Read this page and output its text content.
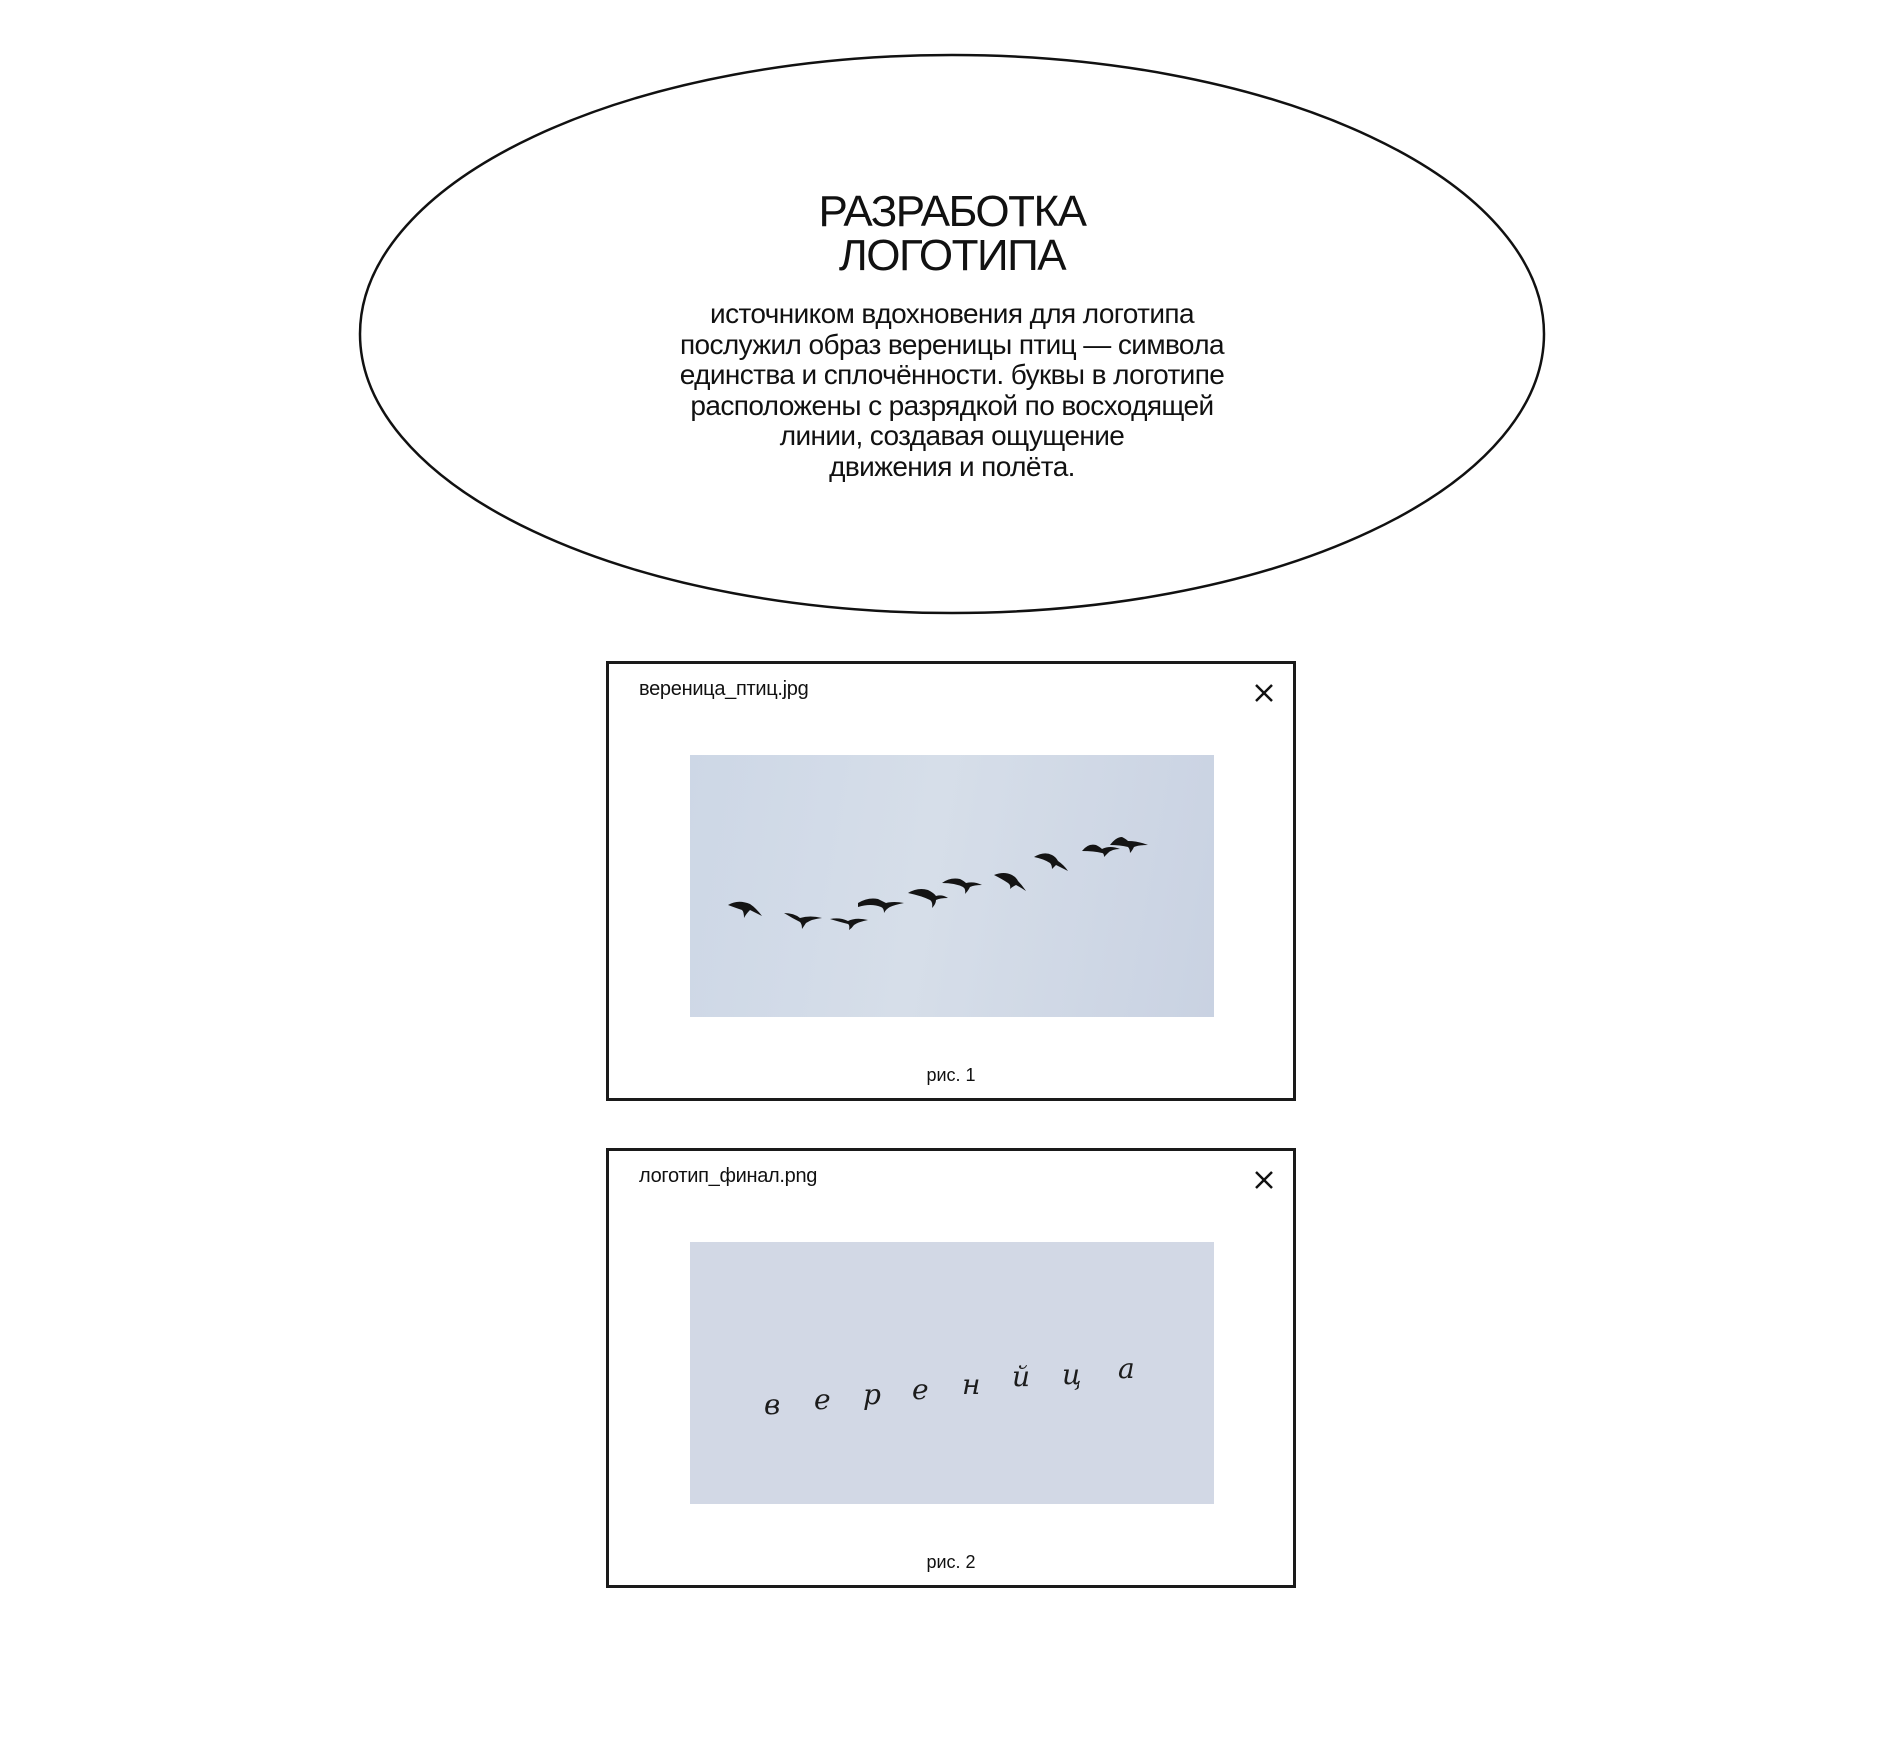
РАЗРАБОТКА
ЛОГОТИПА

источником вдохновения для логотипа
послужил образ вереницы птиц — символа
единства и сплочённости. буквы в логотипе
расположены с разрядкой по восходящей
линии, создавая ощущение
движения и полёта.

вереница_птиц.jpg
рис. 1
логотип_финал.png
в е р е н й ц а
рис. 2
